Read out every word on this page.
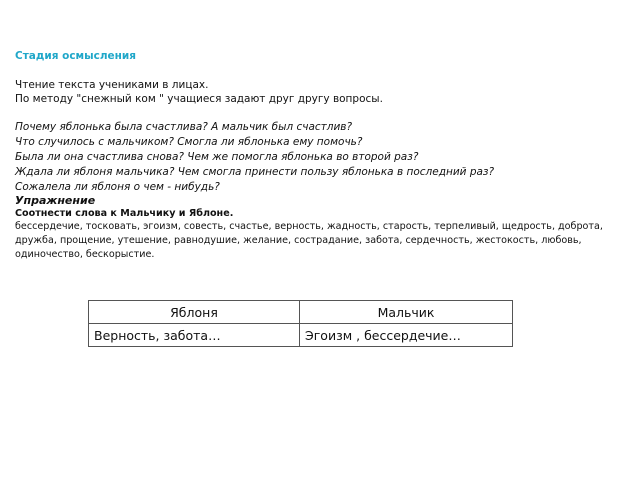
Стадия осмысления
Чтение текста учениками в лицах.
По методу "снежный ком " учащиеся задают друг другу вопросы.
Почему яблонька была счастлива? А мальчик был счастлив?
Что случилось с мальчиком? Смогла ли яблонька ему помочь?
Была ли она счастлива снова? Чем же помогла яблонька во второй раз?
Ждала ли яблоня мальчика? Чем смогла принести пользу яблонька в последний раз?
Сожалела ли яблоня о чем - нибудь?
Упражнение
Соотнести слова к Мальчику и Яблоне.
бессердечие, тосковать, эгоизм, совесть, счастье, верность, жадность, старость, терпеливый, щедрость, доброта, дружба, прощение, утешение, равнодушие, желание, сострадание, забота, сердечность, жестокость, любовь, одиночество, бескорыстие.
Яблоня	Мальчик
Верность, забота…	Эгоизм , бессердечие…
